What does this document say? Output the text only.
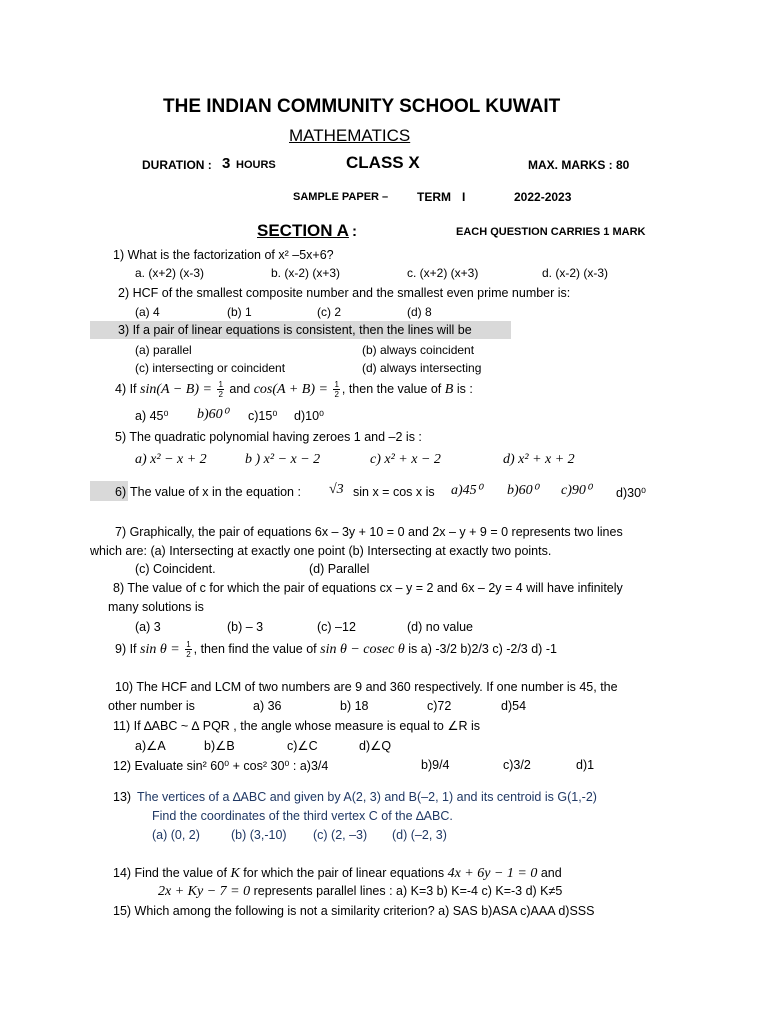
THE INDIAN COMMUNITY SCHOOL KUWAIT
MATHEMATICS
DURATION : 3 HOURS	CLASS X	MAX. MARKS : 80
SAMPLE PAPER – TERM I	2022-2023
SECTION A :	EACH QUESTION CARRIES 1 MARK
1) What is the factorization of x² –5x+6?
a. (x+2) (x-3)	b. (x-2) (x+3)	c. (x+2) (x+3)	d. (x-2) (x-3)
2) HCF of the smallest composite number and the smallest even prime number is:
(a) 4	(b) 1	(c) 2	(d) 8
3) If a pair of linear equations is consistent, then the lines will be
(a) parallel	(b) always coincident
(c) intersecting or coincident	(d) always intersecting
4) If $\sin(A - B) = \frac{1}{2}$ and $\cos(A + B) = \frac{1}{2}$ , then the value of B is :
a) 45⁰ b)60⁰ c)15⁰ d)10⁰
5) The quadratic polynomial having zeroes 1 and –2 is :
a) x² − x + 2	b ) x² − x − 2	c) x² + x − 2	d) x² + x + 2
6) The value of x in the equation : √3 sin x = cos x is a)45⁰ b)60⁰ c)90⁰ d)30⁰
7) Graphically, the pair of equations 6x – 3y + 10 = 0 and 2x – y + 9 = 0 represents two lines
which are: (a) Intersecting at exactly one point (b) Intersecting at exactly two points.
(c) Coincident.	(d) Parallel
8) The value of c for which the pair of equations cx – y = 2 and 6x – 2y = 4 will have infinitely
many solutions is
(a) 3	(b) – 3	(c) –12	(d) no value
9) If $\sin \theta = \frac{1}{2}$ , then find the value of sin θ − cosec θ is a) -3/2 b)2/3 c) -2/3 d) -1
10) The HCF and LCM of two numbers are 9 and 360 respectively. If one number is 45, the
other number is	a) 36	b) 18	c)72	d)54
11) If ∆ABC ~ ∆ PQR , the angle whose measure is equal to ∠R is
a)∠A	b)∠B	c)∠C	d)∠Q
12) Evaluate sin² 60⁰ + cos² 30⁰ : a)3/4	b)9/4	c)3/2	d)1
13) The vertices of a ∆ABC and given by A(2, 3) and B(–2, 1) and its centroid is G(1,-2)
Find the coordinates of the third vertex C of the ∆ABC.
(a) (0, 2) (b) (3,-10) (c) (2, –3) (d) (–2, 3)
14) Find the value of K for which the pair of linear equations 4x + 6y − 1 = 0 and
2x + Ky − 7 = 0 represents parallel lines : a) K=3 b) K=-4 c) K=-3 d) K≠5
15) Which among the following is not a similarity criterion? a) SAS b)ASA c)AAA d)SSS
